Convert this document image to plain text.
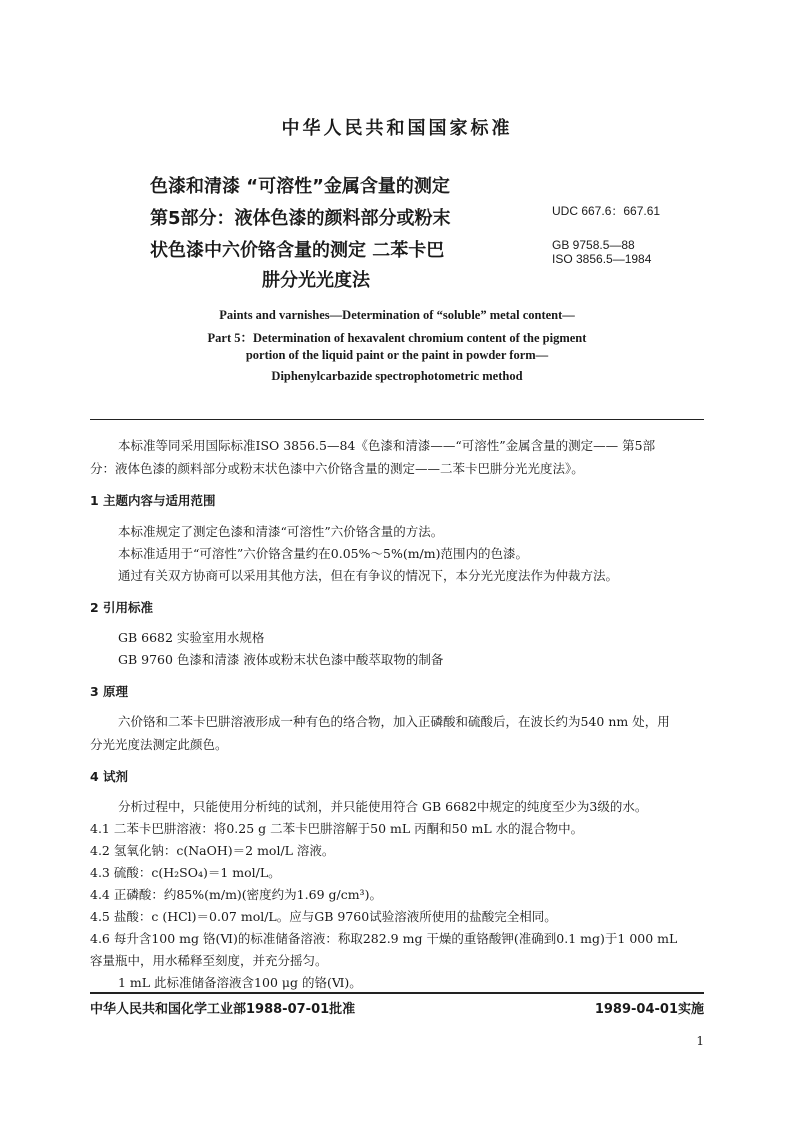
中华人民共和国国家标准
色漆和清漆 “可溶性”金属含量的测定
第5部分：液体色漆的颜料部分或粉末
状色漆中六价铬含量的测定 二苯卡巴
肼分光光度法
UDC 667.6：667.61
GB 9758.5—88
ISO 3856.5—1984
Paints and varnishes—Determination of “soluble” metal content—
Part 5：Determination of hexavalent chromium content of the pigment
portion of the liquid paint or the paint in powder form—
Diphenylcarbazide spectrophotometric method
本标准等同采用国际标准ISO 3856.5—84《色漆和清漆——“可溶性”金属含量的测定—— 第5部
分：液体色漆的颜料部分或粉末状色漆中六价铬含量的测定——二苯卡巴肼分光光度法》。
1 主题内容与适用范围
本标准规定了测定色漆和清漆“可溶性”六价铬含量的方法。
本标准适用于“可溶性”六价铬含量约在0.05%～5%(m/m)范围内的色漆。
通过有关双方协商可以采用其他方法，但在有争议的情况下，本分光光度法作为仲裁方法。
2 引用标准
GB 6682 实验室用水规格
GB 9760 色漆和清漆 液体或粉末状色漆中酸萃取物的制备
3 原理
六价铬和二苯卡巴肼溶液形成一种有色的络合物，加入正磷酸和硫酸后，在波长约为540 nm 处，用
分光光度法测定此颜色。
4 试剂
分析过程中，只能使用分析纯的试剂，并只能使用符合 GB 6682中规定的纯度至少为3级的水。
4.1 二苯卡巴肼溶液：将0.25 g 二苯卡巴肼溶解于50 mL 丙酮和50 mL 水的混合物中。
4.2 氢氧化钠：c(NaOH)＝2 mol/L 溶液。
4.3 硫酸：c(H₂SO₄)＝1 mol/L。
4.4 正磷酸：约85%(m/m)(密度约为1.69 g/cm³)。
4.5 盐酸：c (HCl)＝0.07 mol/L。应与GB 9760试验溶液所使用的盐酸完全相同。
4.6 每升含100 mg 铬(Ⅵ)的标准储备溶液：称取282.9 mg 干燥的重铬酸钾(准确到0.1 mg)于1 000 mL
容量瓶中，用水稀释至刻度，并充分摇匀。
1 mL 此标准储备溶液含100 μg 的铬(Ⅵ)。
中华人民共和国化学工业部1988-07-01批准	1989-04-01实施
1
